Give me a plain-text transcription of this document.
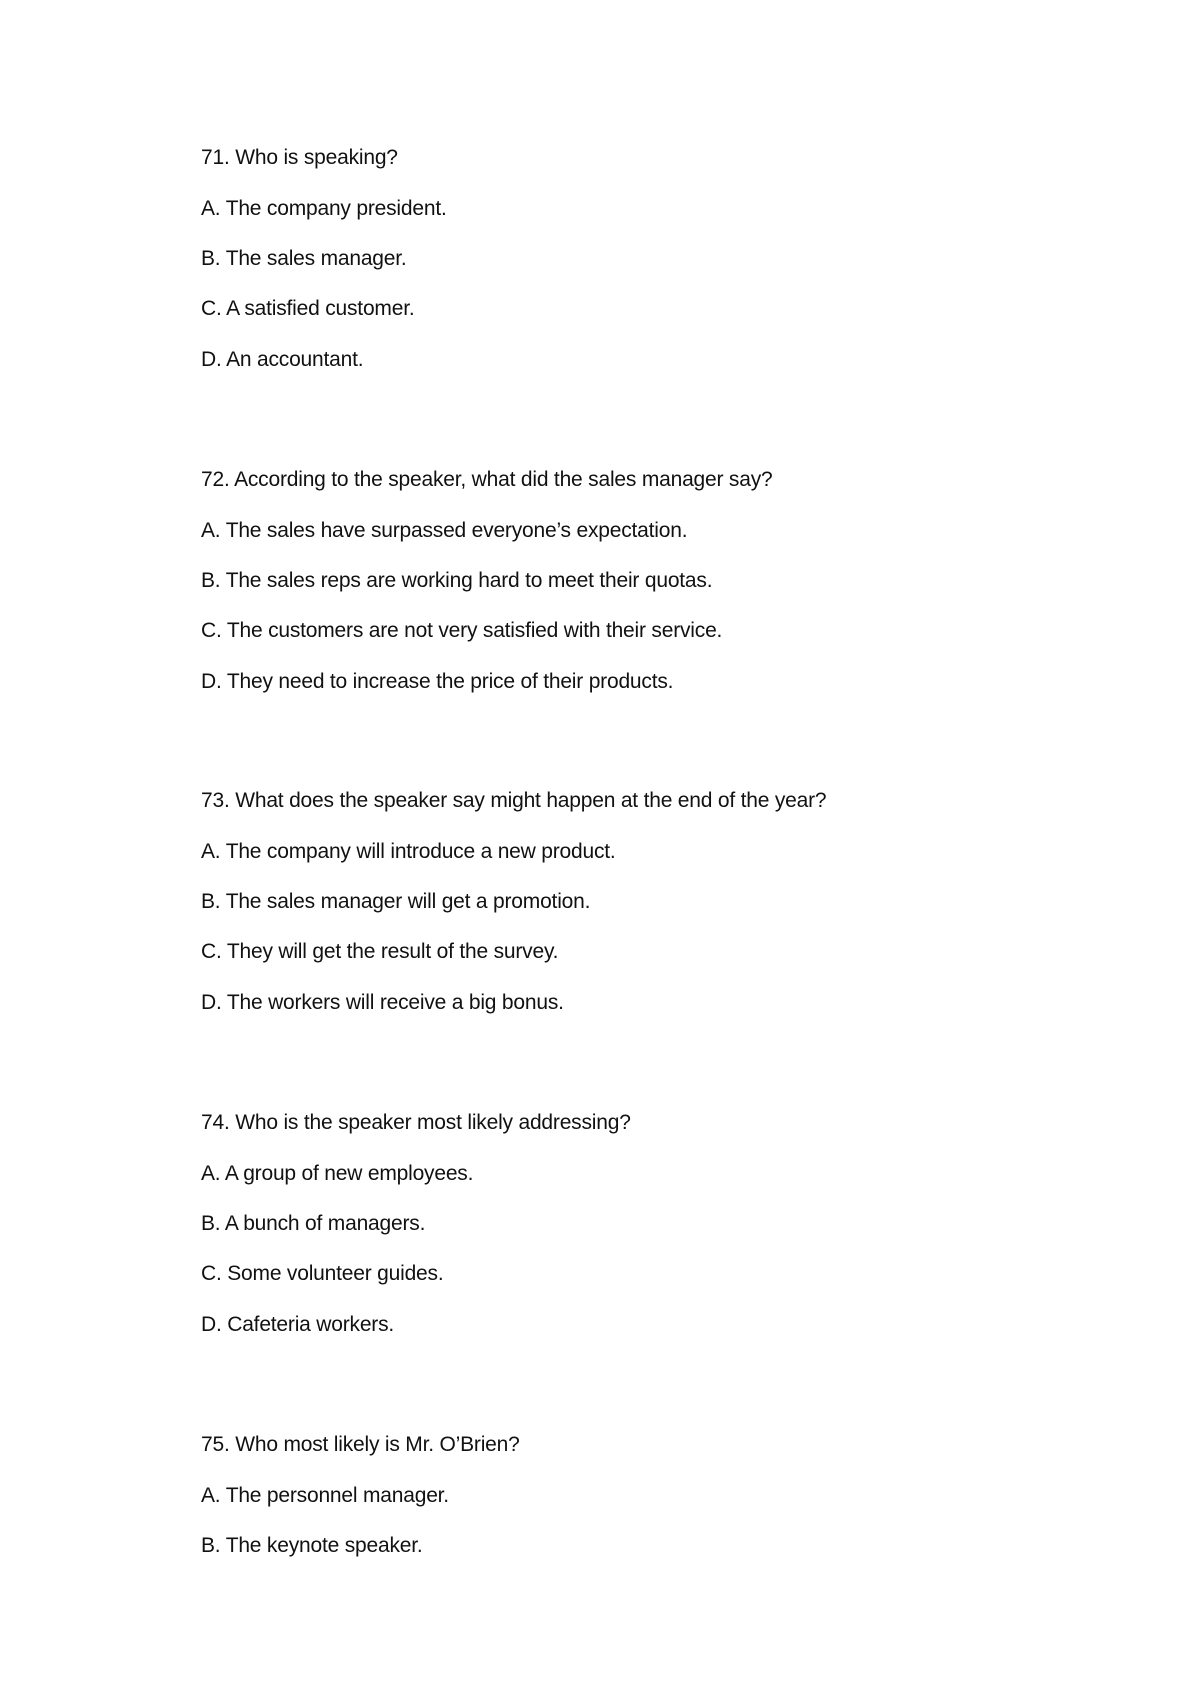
71. Who is speaking?
A. The company president.
B. The sales manager.
C. A satisfied customer.
D. An accountant.
72. According to the speaker, what did the sales manager say?
A. The sales have surpassed everyone’s expectation.
B. The sales reps are working hard to meet their quotas.
C. The customers are not very satisfied with their service.
D. They need to increase the price of their products.
73. What does the speaker say might happen at the end of the year?
A. The company will introduce a new product.
B. The sales manager will get a promotion.
C. They will get the result of the survey.
D. The workers will receive a big bonus.
74. Who is the speaker most likely addressing?
A. A group of new employees.
B. A bunch of managers.
C. Some volunteer guides.
D. Cafeteria workers.
75. Who most likely is Mr. O’Brien?
A. The personnel manager.
B. The keynote speaker.
